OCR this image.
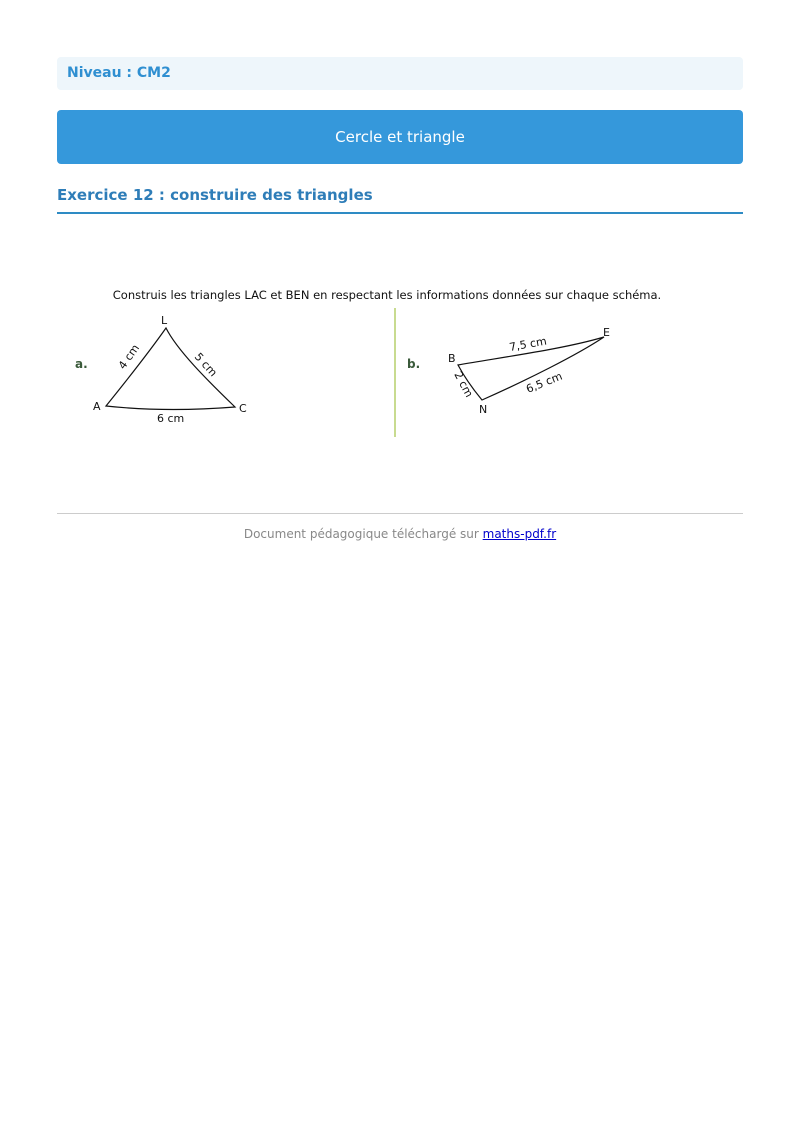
Niveau : CM2
Cercle et triangle
Exercice 12 : construire des triangles
Construis les triangles LAC et BEN en respectant les informations données sur chaque schéma.
a.
L
A	C
4 cm	5 cm
6 cm
b.	B
E
N
7,5 cm
6,5 cm
2 cm
Document pédagogique téléchargé sur maths-pdf.fr
